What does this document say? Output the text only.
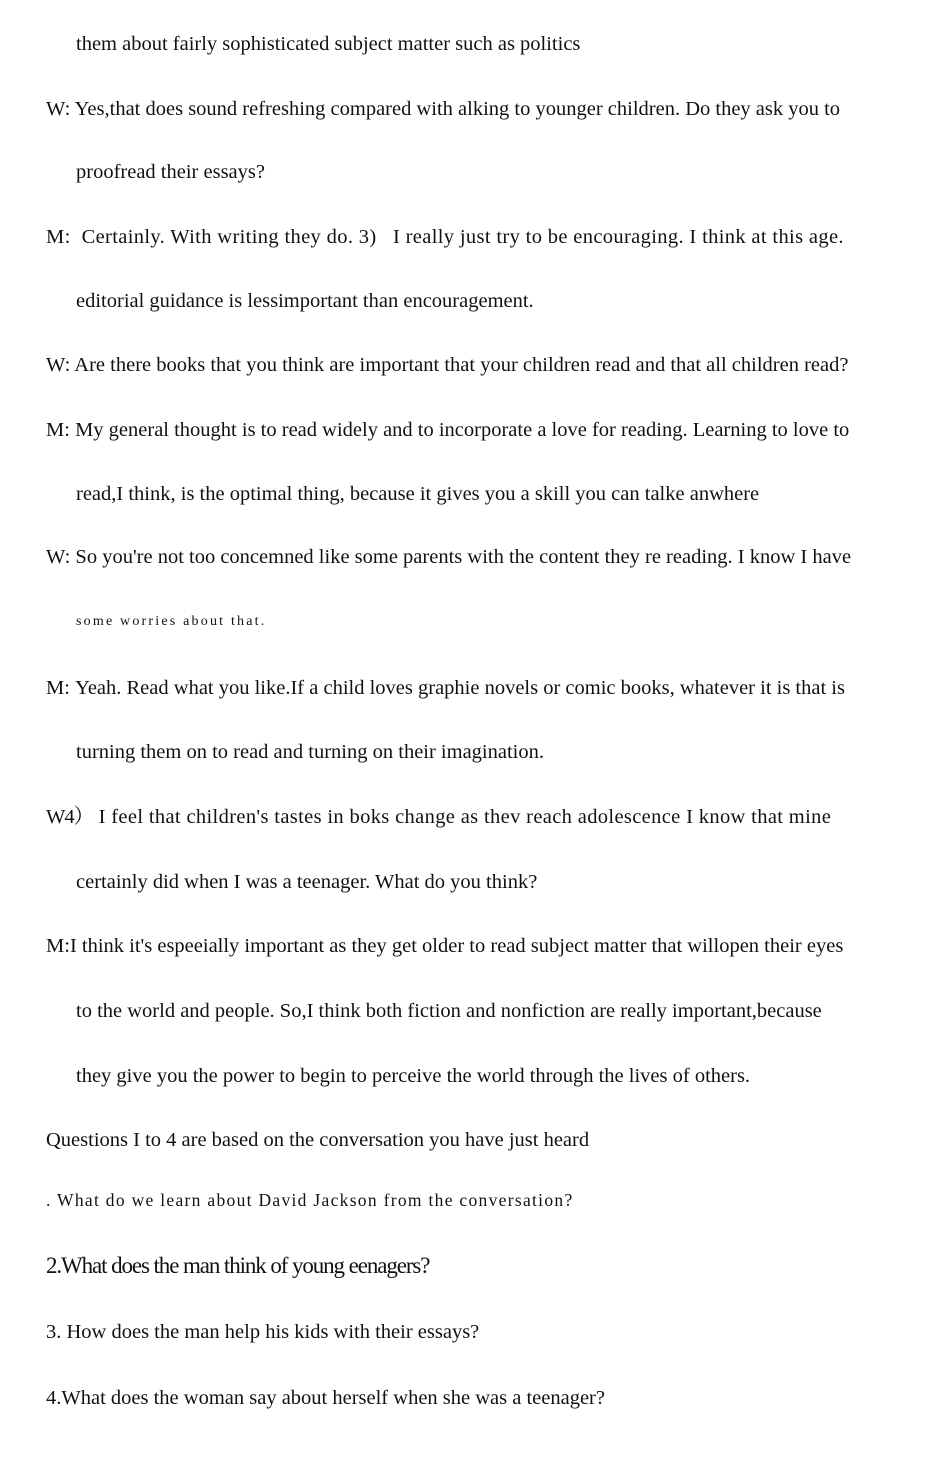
them about fairly sophisticated subject matter such as politics
W: Yes,that does sound refreshing compared with alking to younger children. Do they ask you to
proofread their essays?
M: Certainly. With writing they do. 3)   I really just try to be encouraging. I think at this age.
editorial guidance is lessimportant than encouragement.
W: Are there books that you think are important that your children read and that all children read?
M: My general thought is to read widely and to incorporate a love for reading. Learning to love to
read,I think, is the optimal thing, because it gives you a skill you can talke anwhere
W: So you're not too concemned like some parents with the content they re reading. I know I have
some worries about that.
M: Yeah. Read what you like.If a child loves graphie novels or comic books, whatever it is that is
turning them on to read and turning on their imagination.
W4） I feel that children's tastes in boks change as thev reach adolescence I know that mine
certainly did when I was a teenager. What do you think?
M:I think it's espeeially important as they get older to read subject matter that willopen their eyes
to the world and people. So,I think both fiction and nonfiction are really important,because
they give you the power to begin to perceive the world through the lives of others.
Questions I to 4 are based on the conversation you have just heard
. What do we learn about David Jackson from the conversation?
2.What does the man think of young eenagers?
3. How does the man help his kids with their essays?
4.What does the woman say about herself when she was a teenager?
